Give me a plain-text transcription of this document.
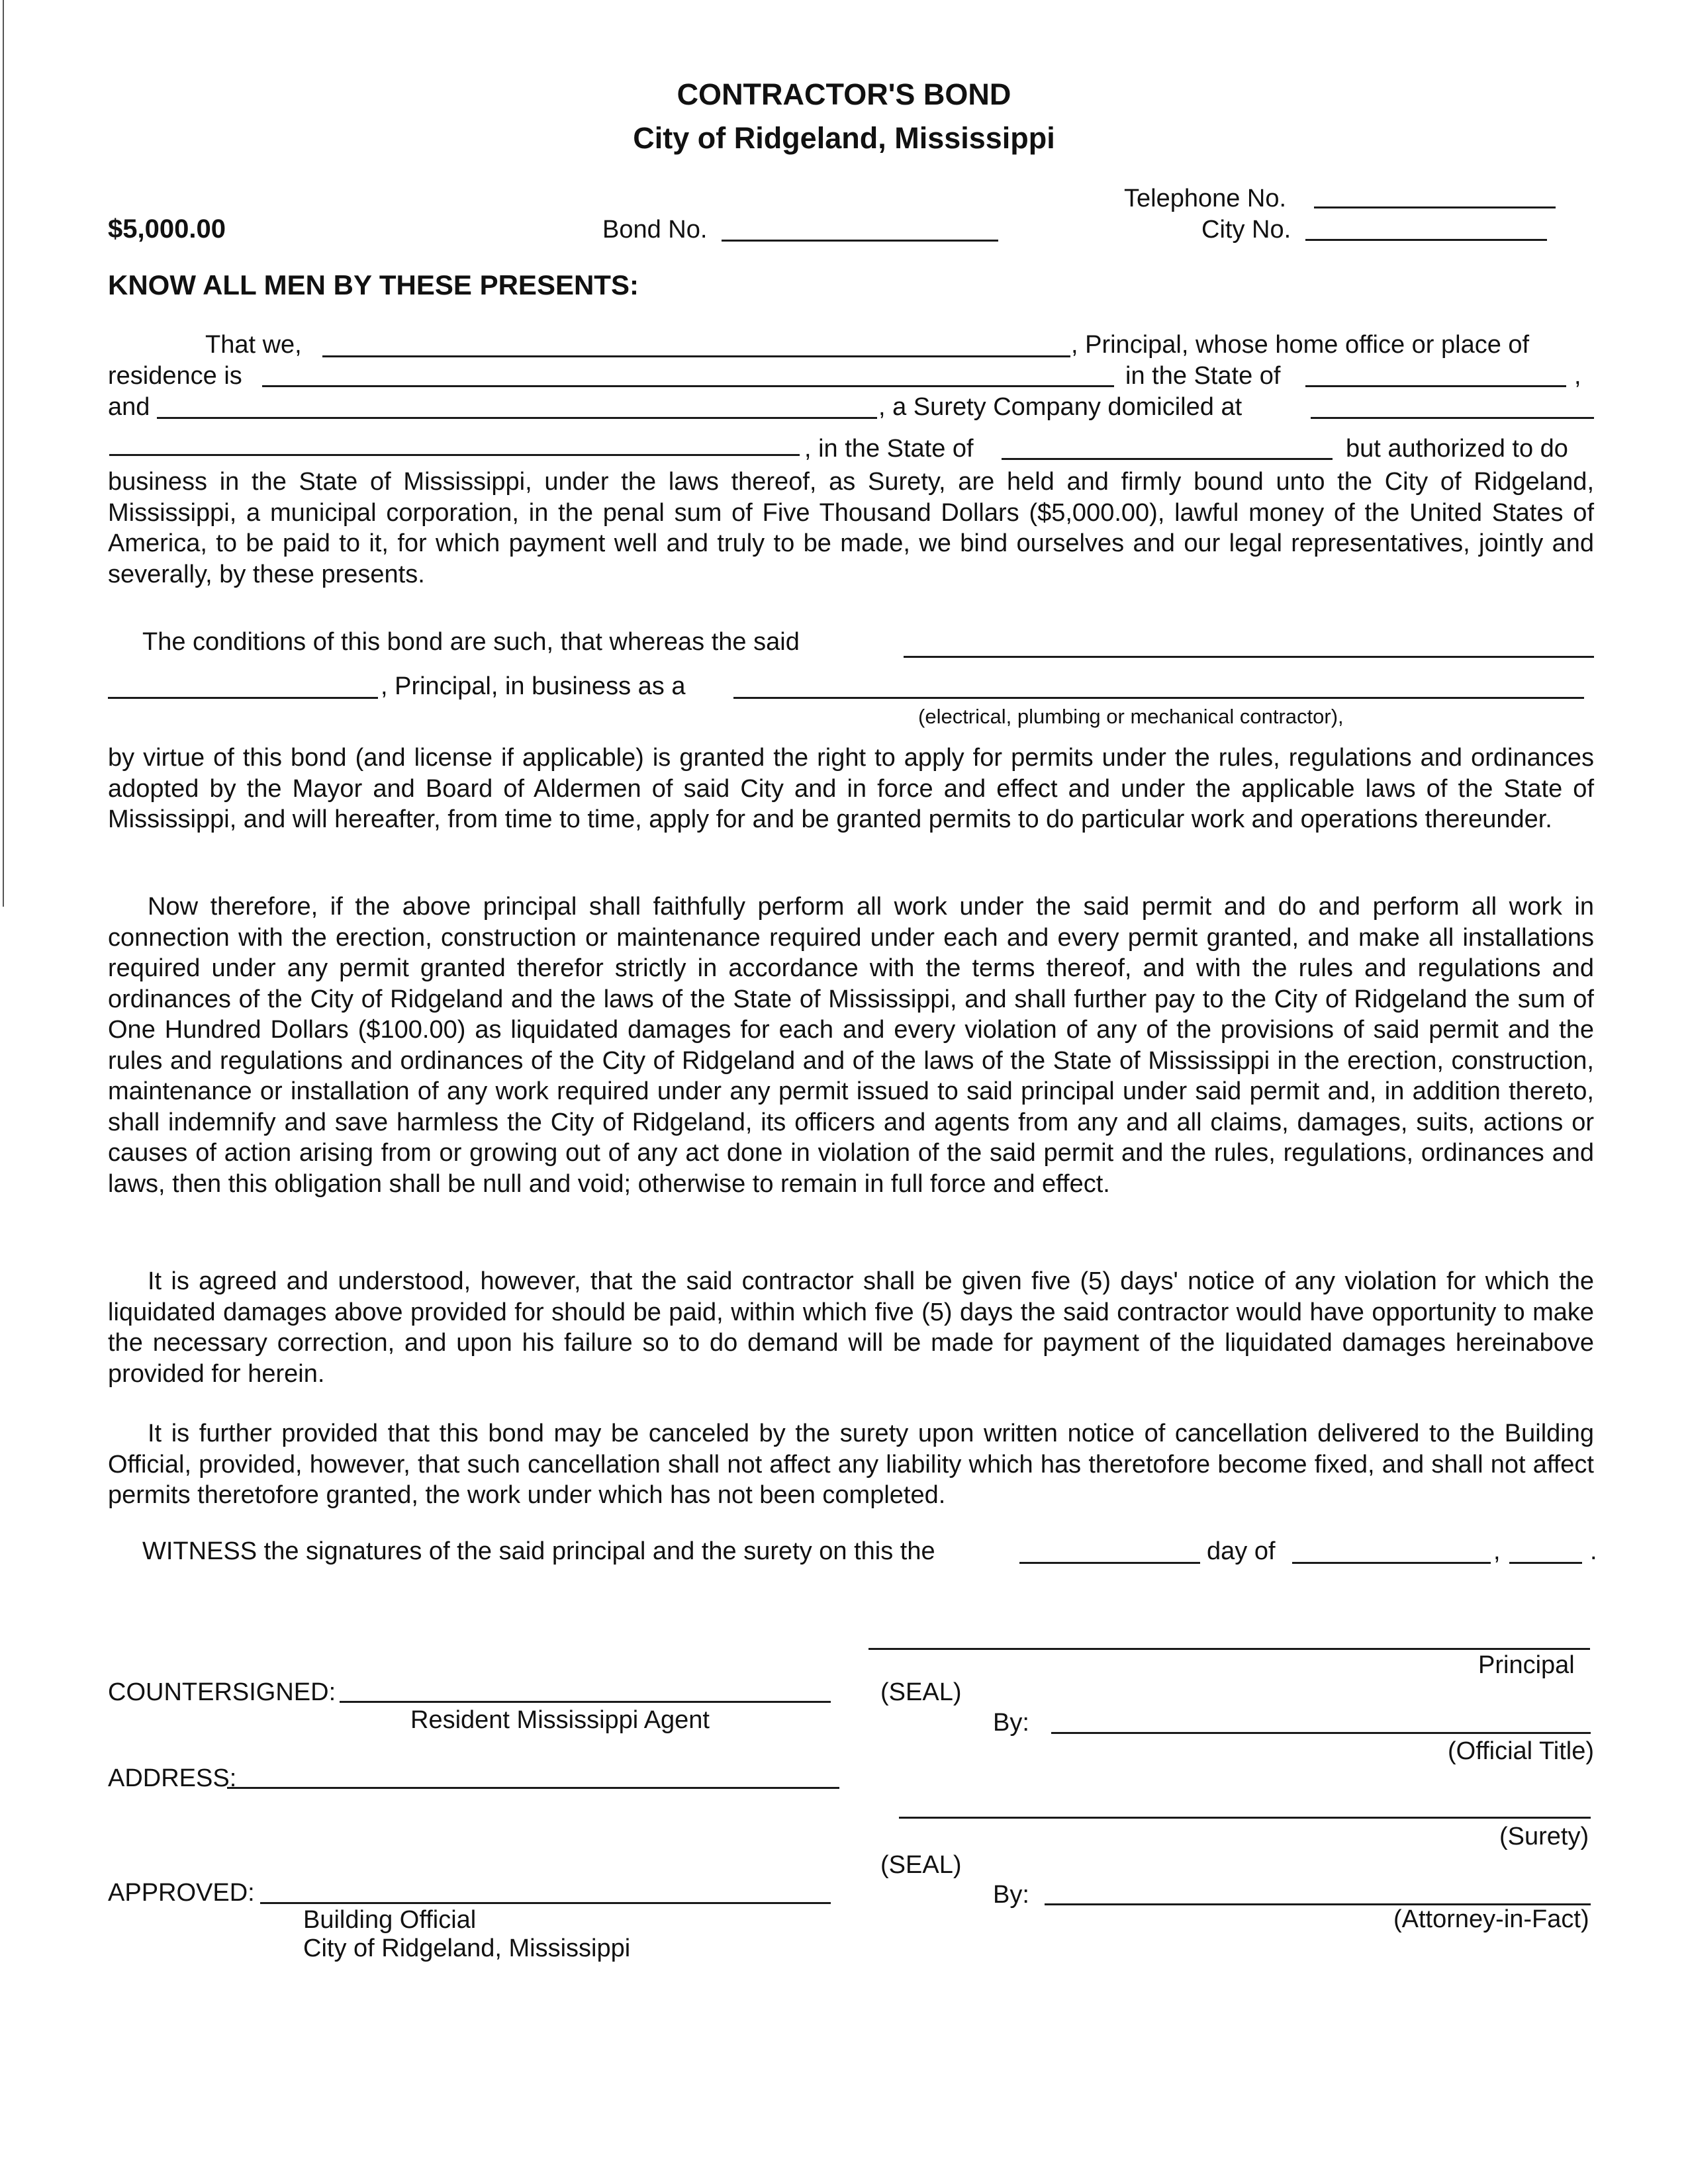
CONTRACTOR'S BOND
City of Ridgeland, Mississippi
Telephone No.
$5,000.00	Bond No.	City No.
KNOW ALL MEN BY THESE PRESENTS:
That we,	, Principal, whose home office or place of
residence is	in the State of	,
and	, a Surety Company domiciled at
, in the State of	but authorized to do
business in the State of Mississippi, under the laws thereof, as Surety, are held and firmly bound unto the City of Ridgeland, Mississippi, a municipal corporation, in the penal sum of Five Thousand Dollars ($5,000.00), lawful money of the United States of America, to be paid to it, for which payment well and truly to be made, we bind ourselves and our legal representatives, jointly and severally, by these presents.
The conditions of this bond are such, that whereas the said
, Principal, in business as a
(electrical, plumbing or mechanical contractor),
by virtue of this bond (and license if applicable) is granted the right to apply for permits under the rules, regulations and ordinances adopted by the Mayor and Board of Aldermen of said City and in force and effect and under the applicable laws of the State of Mississippi, and will hereafter, from time to time, apply for and be granted permits to do particular work and operations thereunder.
Now therefore, if the above principal shall faithfully perform all work under the said permit and do and perform all work in connection with the erection, construction or maintenance required under each and every permit granted, and make all installations required under any permit granted therefor strictly in accordance with the terms thereof, and with the rules and regulations and ordinances of the City of Ridgeland and the laws of the State of Mississippi, and shall further pay to the City of Ridgeland the sum of One Hundred Dollars ($100.00) as liquidated damages for each and every violation of any of the provisions of said permit and the rules and regulations and ordinances of the City of Ridgeland and of the laws of the State of Mississippi in the erection, construction, maintenance or installation of any work required under any permit issued to said principal under said permit and, in addition thereto, shall indemnify and save harmless the City of Ridgeland, its officers and agents from any and all claims, damages, suits, actions or causes of action arising from or growing out of any act done in violation of the said permit and the rules, regulations, ordinances and laws, then this obligation shall be null and void; otherwise to remain in full force and effect.
It is agreed and understood, however, that the said contractor shall be given five (5) days' notice of any violation for which the liquidated damages above provided for should be paid, within which five (5) days the said contractor would have opportunity to make the necessary correction, and upon his failure so to do demand will be made for payment of the liquidated damages hereinabove provided for herein.
It is further provided that this bond may be canceled by the surety upon written notice of cancellation delivered to the Building Official, provided, however, that such cancellation shall not affect any liability which has theretofore become fixed, and shall not affect permits theretofore granted, the work under which has not been completed.
WITNESS the signatures of the said principal and the surety on this the	day of	,	.
Principal
COUNTERSIGNED:	(SEAL)
Resident Mississippi Agent	By:
(Official Title)
ADDRESS:
(Surety)
(SEAL)
APPROVED:	By:
(Attorney-in-Fact)
Building Official
City of Ridgeland, Mississippi
